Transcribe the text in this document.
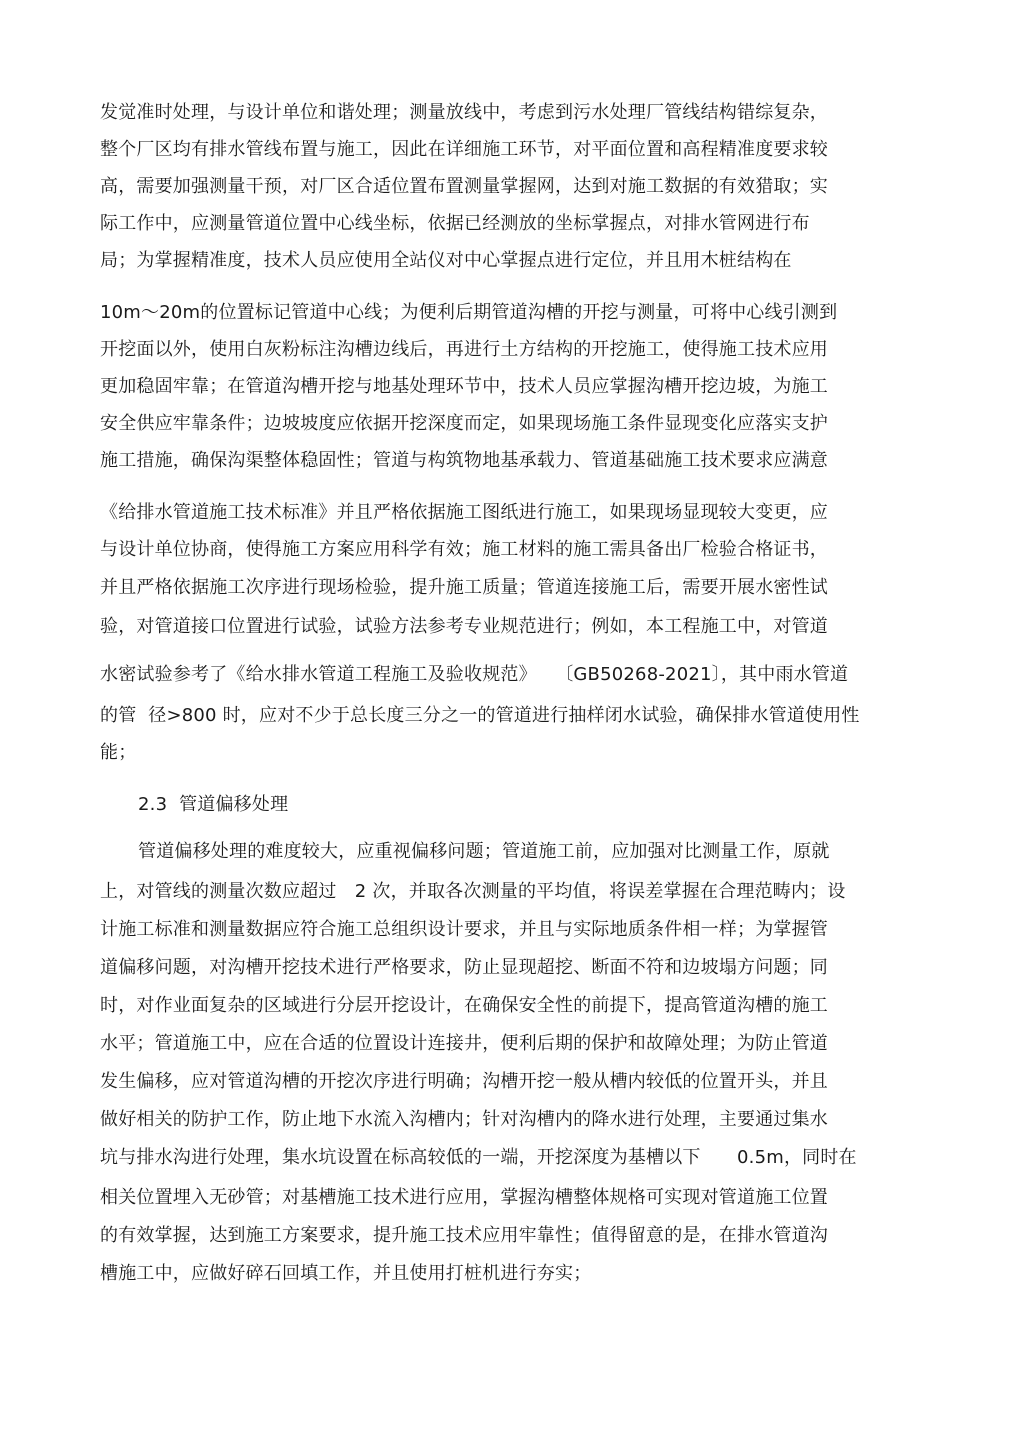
发觉准时处理，与设计单位和谐处理；测量放线中，考虑到污水处理厂管线结构错综复杂，
整个厂区均有排水管线布置与施工，因此在详细施工环节，对平面位置和高程精准度要求较
高，需要加强测量干预，对厂区合适位置布置测量掌握网，达到对施工数据的有效猎取；实
际工作中，应测量管道位置中心线坐标，依据已经测放的坐标掌握点，对排水管网进行布
局；为掌握精准度，技术人员应使用全站仪对中心掌握点进行定位，并且用木桩结构在
10m～20m的位置标记管道中心线；为便利后期管道沟槽的开挖与测量，可将中心线引测到
开挖面以外，使用白灰粉标注沟槽边线后，再进行土方结构的开挖施工，使得施工技术应用
更加稳固牢靠；在管道沟槽开挖与地基处理环节中，技术人员应掌握沟槽开挖边坡，为施工
安全供应牢靠条件；边坡坡度应依据开挖深度而定，如果现场施工条件显现变化应落实支护
施工措施，确保沟渠整体稳固性；管道与构筑物地基承载力、管道基础施工技术要求应满意
《给排水管道施工技术标准》并且严格依据施工图纸进行施工，如果现场显现较大变更，应
与设计单位协商，使得施工方案应用科学有效；施工材料的施工需具备出厂检验合格证书，
并且严格依据施工次序进行现场检验，提升施工质量；管道连接施工后，需要开展水密性试
验，对管道接口位置进行试验，试验方法参考专业规范进行；例如，本工程施工中，对管道
水密试验参考了《给水排水管道工程施工及验收规范》　　〔GB50268-2021〕，其中雨水管道
的管  径>800 时，应对不少于总长度三分之一的管道进行抽样闭水试验，确保排水管道使用性
能；
2.3  管道偏移处理
管道偏移处理的难度较大，应重视偏移问题；管道施工前，应加强对比测量工作，原就
上，对管线的测量次数应超过　2 次，并取各次测量的平均值，将误差掌握在合理范畴内；设
计施工标准和测量数据应符合施工总组织设计要求，并且与实际地质条件相一样；为掌握管
道偏移问题，对沟槽开挖技术进行严格要求，防止显现超挖、断面不符和边坡塌方问题；同
时，对作业面复杂的区域进行分层开挖设计，在确保安全性的前提下，提高管道沟槽的施工
水平；管道施工中，应在合适的位置设计连接井，便利后期的保护和故障处理；为防止管道
发生偏移，应对管道沟槽的开挖次序进行明确；沟槽开挖一般从槽内较低的位置开头，并且
做好相关的防护工作，防止地下水流入沟槽内；针对沟槽内的降水进行处理，主要通过集水
坑与排水沟进行处理，集水坑设置在标高较低的一端，开挖深度为基槽以下　　0.5m，同时在
相关位置埋入无砂管；对基槽施工技术进行应用，掌握沟槽整体规格可实现对管道施工位置
的有效掌握，达到施工方案要求，提升施工技术应用牢靠性；值得留意的是，在排水管道沟
槽施工中，应做好碎石回填工作，并且使用打桩机进行夯实；
